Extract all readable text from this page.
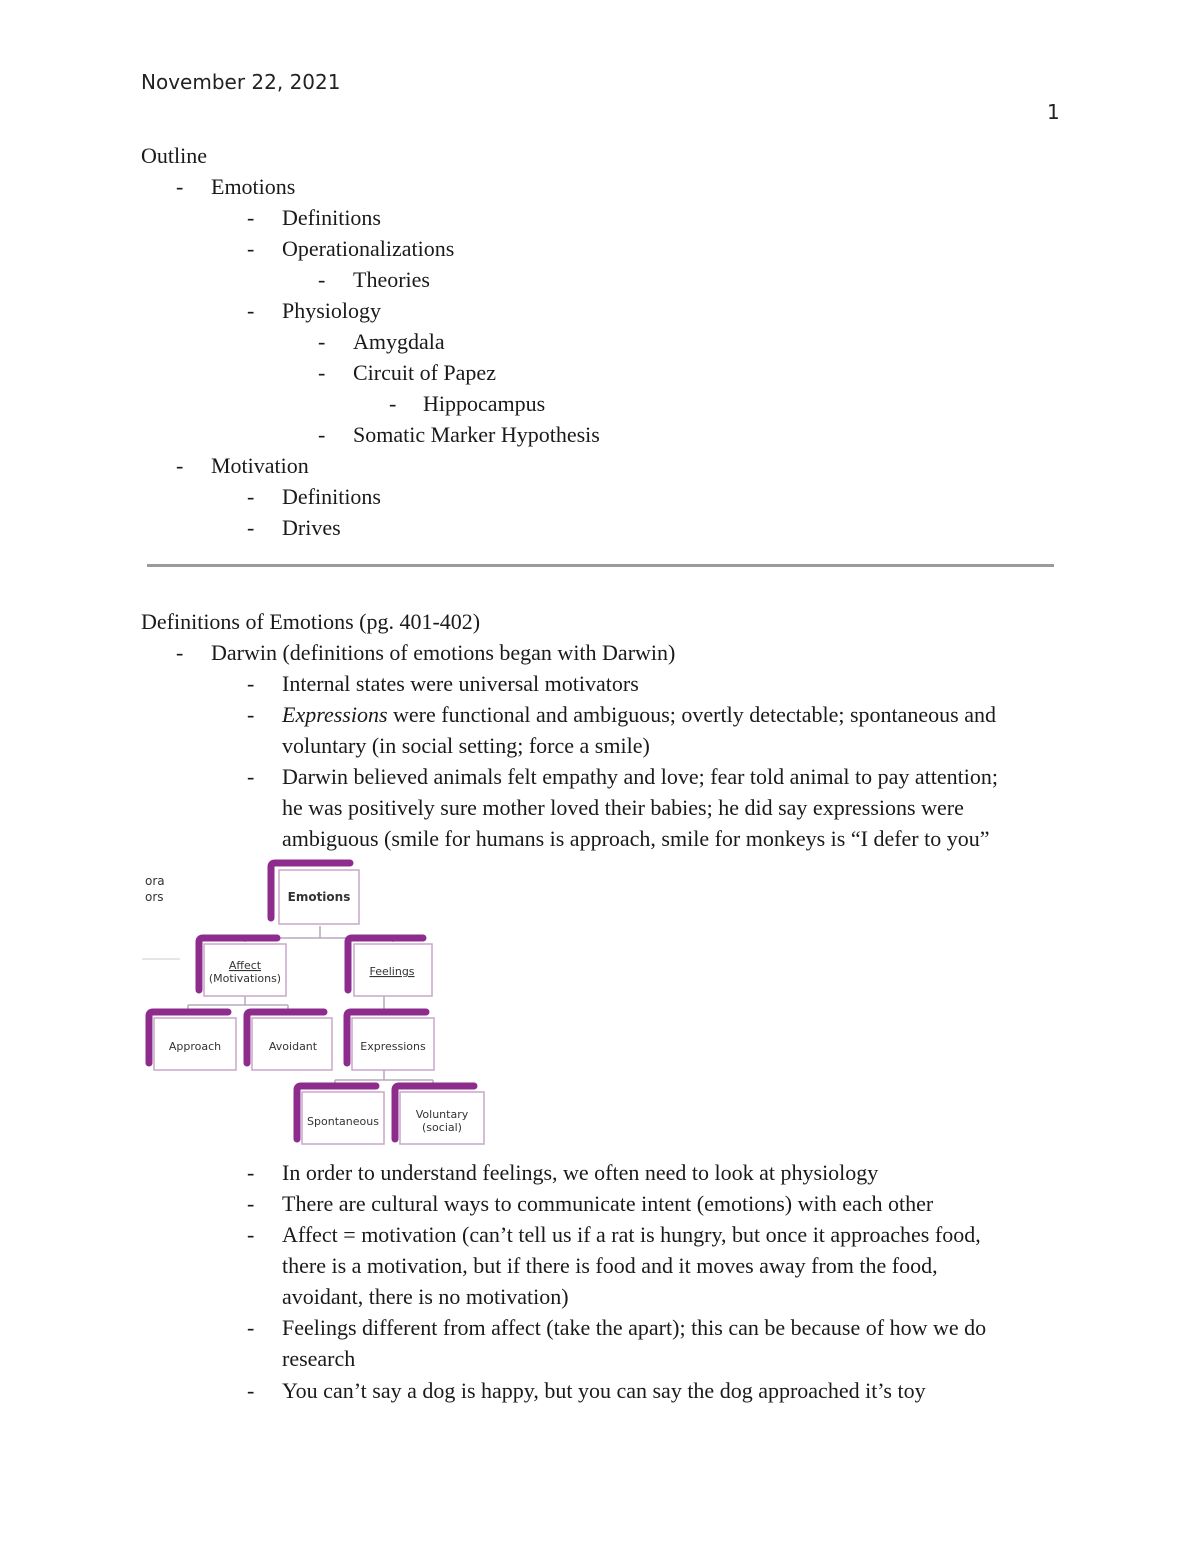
November 22, 2021
1
Outline
- Emotions
- Definitions
- Operationalizations
- Theories
- Physiology
- Amygdala
- Circuit of Papez
- Hippocampus
- Somatic Marker Hypothesis
- Motivation
- Definitions
- Drives
Definitions of Emotions (pg. 401-402)
- Darwin (definitions of emotions began with Darwin)
- Internal states were universal motivators
- Expressions were functional and ambiguous; overtly detectable; spontaneous and
voluntary (in social setting; force a smile)
- Darwin believed animals felt empathy and love; fear told animal to pay attention;
he was positively sure mother loved their babies; he did say expressions were
ambiguous (smile for humans is approach, smile for monkeys is “I defer to you”
ora
ors	Emotions
Affect
(Motivations)
Feelings
Approach	Avoidant	Expressions
Spontaneous
Voluntary
(social)
- In order to understand feelings, we often need to look at physiology
- There are cultural ways to communicate intent (emotions) with each other
- Affect = motivation (can’t tell us if a rat is hungry, but once it approaches food,
there is a motivation, but if there is food and it moves away from the food,
avoidant, there is no motivation)
- Feelings different from affect (take the apart); this can be because of how we do
research
- You can’t say a dog is happy, but you can say the dog approached it’s toy
